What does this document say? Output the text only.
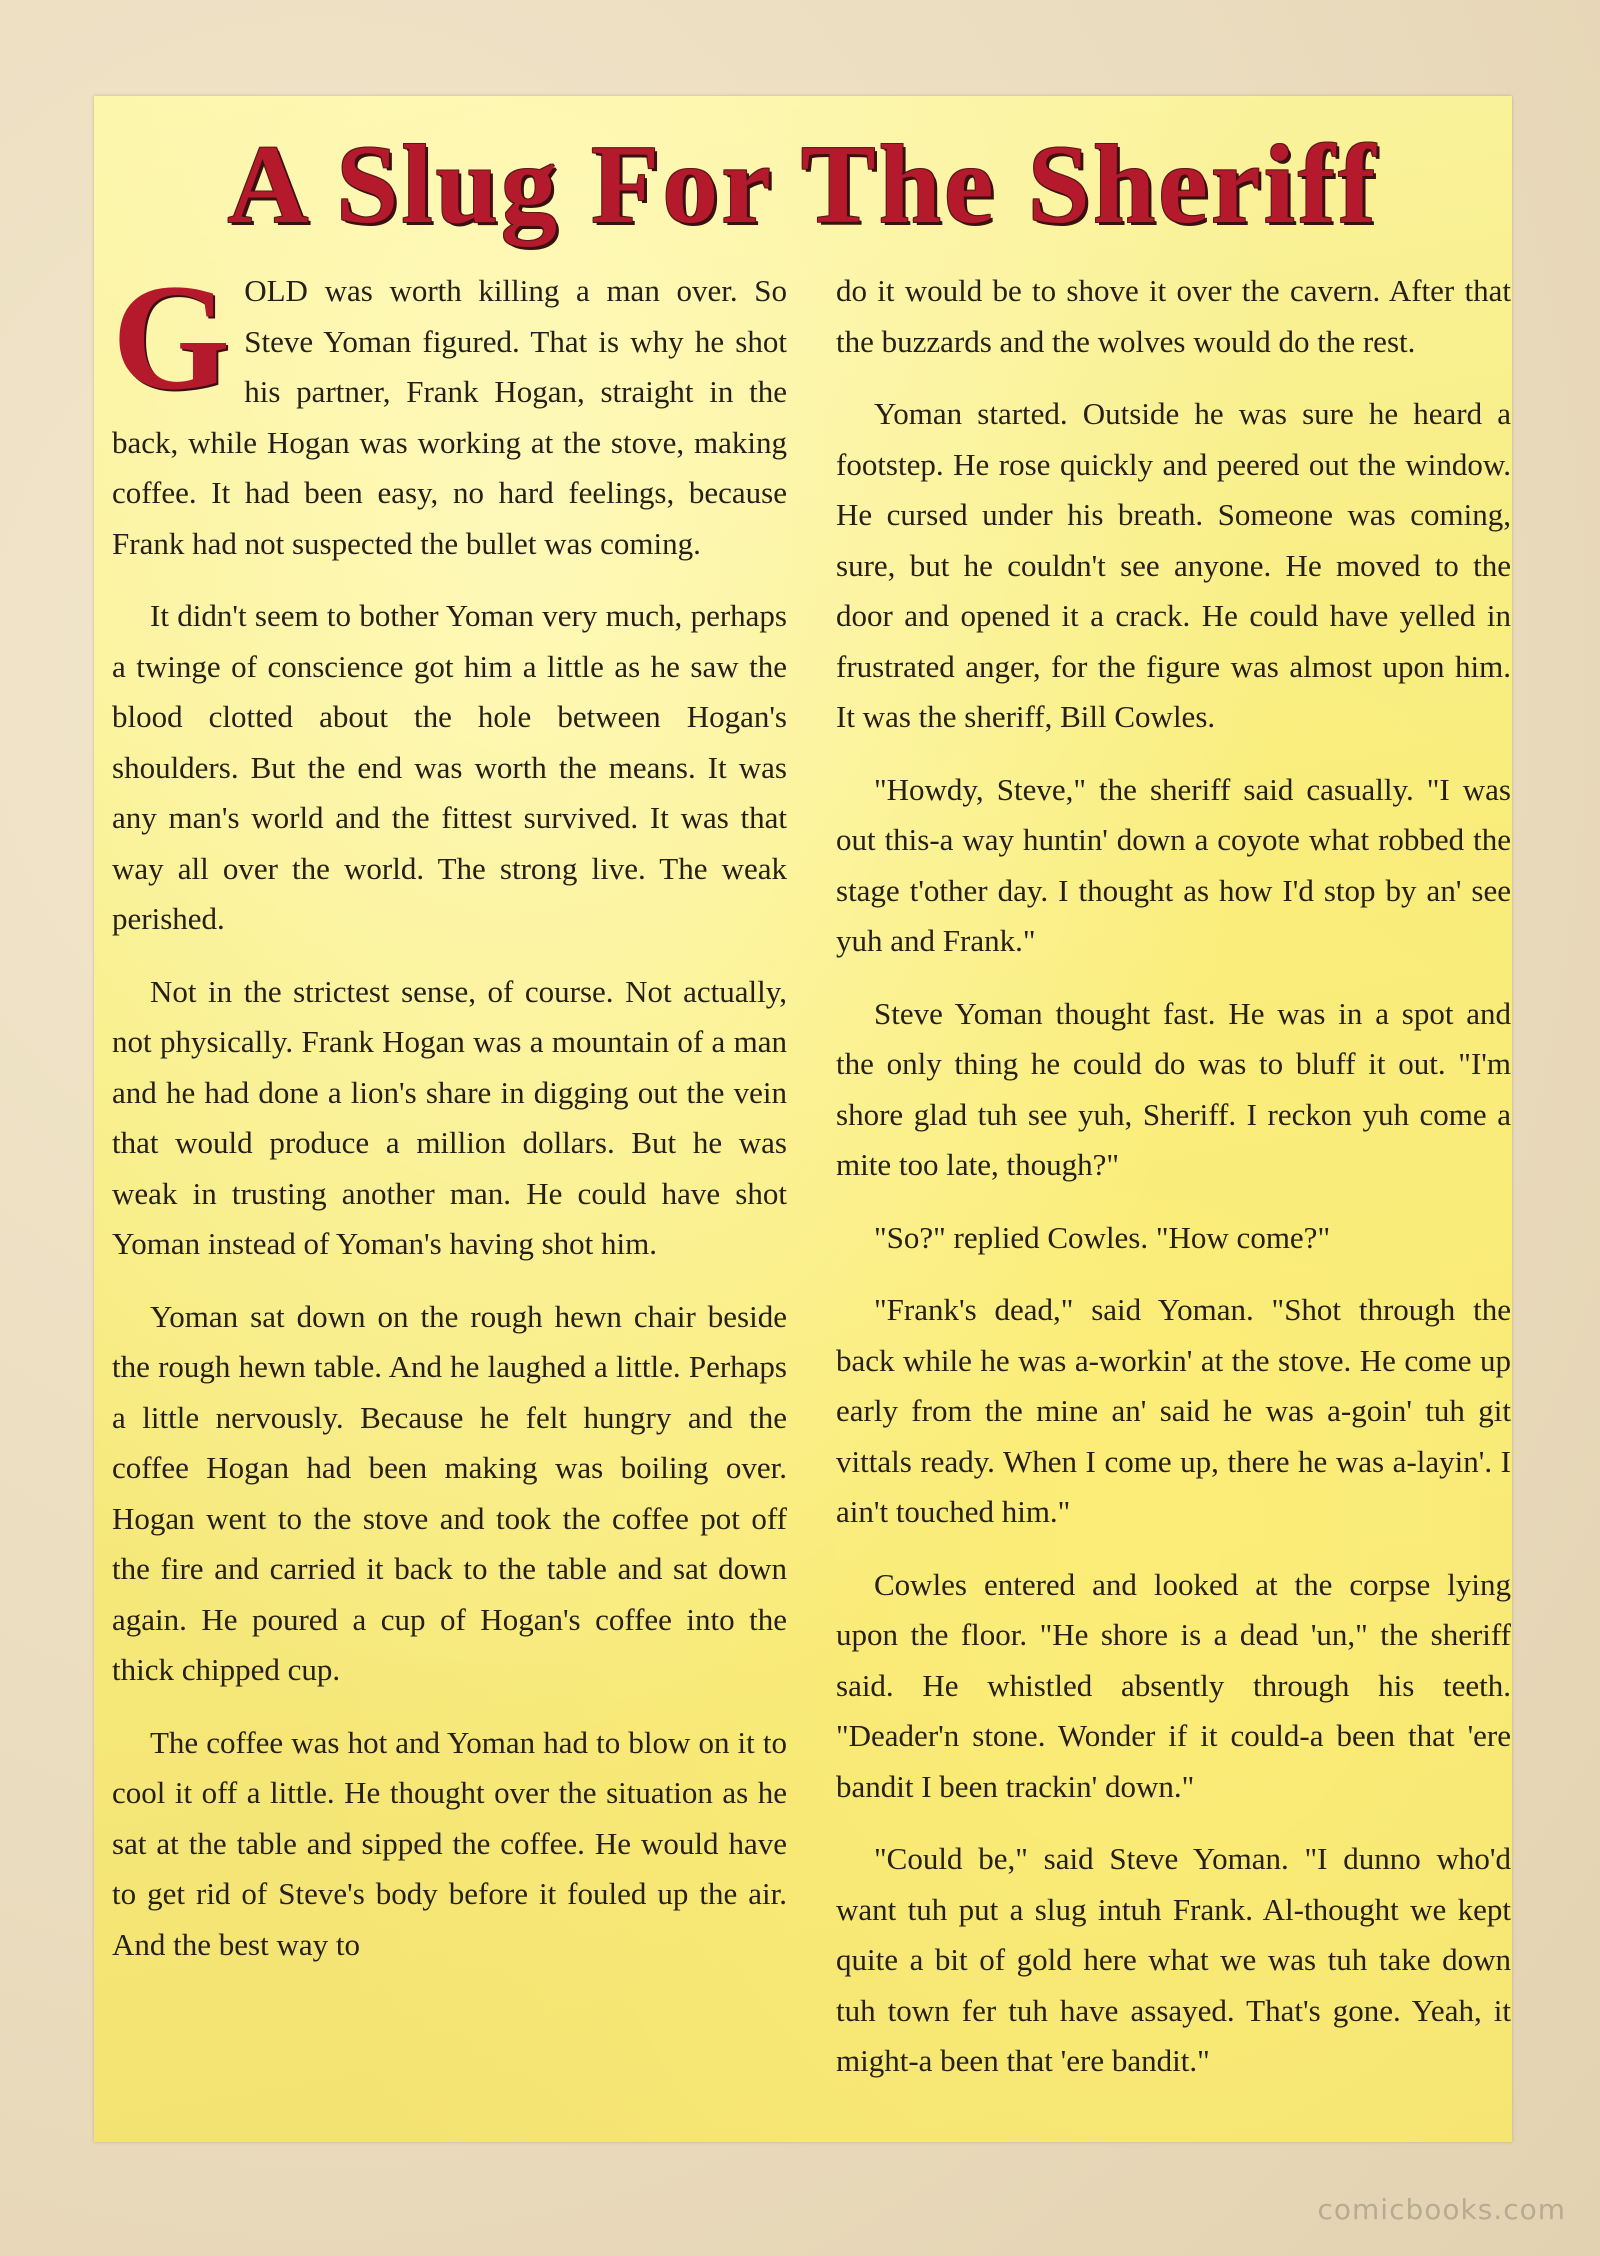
A Slug For The Sheriff

G OLD was worth killing a man over. So Steve Yoman figured. That is why he shot his partner, Frank Hogan, straight in the back, while Hogan was working at the stove, making coffee. It had been easy, no hard feelings, because Frank had not suspected the bullet was coming.

It didn't seem to bother Yoman very much, perhaps a twinge of conscience got him a little as he saw the blood clotted about the hole between Hogan's shoulders. But the end was worth the means. It was any man's world and the fittest survived. It was that way all over the world. The strong live. The weak perished.

Not in the strictest sense, of course. Not actually, not physically. Frank Hogan was a mountain of a man and he had done a lion's share in digging out the vein that would produce a million dollars. But he was weak in trusting another man. He could have shot Yoman instead of Yoman's having shot him.

Yoman sat down on the rough hewn chair beside the rough hewn table. And he laughed a little. Perhaps a little nervously. Because he felt hungry and the coffee Hogan had been making was boiling over. Hogan went to the stove and took the coffee pot off the fire and carried it back to the table and sat down again. He poured a cup of Hogan's coffee into the thick chipped cup.

The coffee was hot and Yoman had to blow on it to cool it off a little. He thought over the situation as he sat at the table and sipped the coffee. He would have to get rid of Steve's body before it fouled up the air. And the best way to

do it would be to shove it over the cavern. After that the buzzards and the wolves would do the rest.

Yoman started. Outside he was sure he heard a footstep. He rose quickly and peered out the window. He cursed under his breath. Someone was coming, sure, but he couldn't see anyone. He moved to the door and opened it a crack. He could have yelled in frustrated anger, for the figure was almost upon him. It was the sheriff, Bill Cowles.

"Howdy, Steve," the sheriff said casually. "I was out this-a way huntin' down a coyote what robbed the stage t'other day. I thought as how I'd stop by an' see yuh and Frank."

Steve Yoman thought fast. He was in a spot and the only thing he could do was to bluff it out. "I'm shore glad tuh see yuh, Sheriff. I reckon yuh come a mite too late, though?"

"So?" replied Cowles. "How come?"

"Frank's dead," said Yoman. "Shot through the back while he was a-workin' at the stove. He come up early from the mine an' said he was a-goin' tuh git vittals ready. When I come up, there he was a-layin'. I ain't touched him."

Cowles entered and looked at the corpse lying upon the floor. "He shore is a dead 'un," the sheriff said. He whistled absently through his teeth. "Deader'n stone. Wonder if it could-a been that 'ere bandit I been trackin' down."

"Could be," said Steve Yoman. "I dunno who'd want tuh put a slug intuh Frank. Al-thought we kept quite a bit of gold here what we was tuh take down tuh town fer tuh have assayed. That's gone. Yeah, it might-a been that 'ere bandit."

comicbooks.com
